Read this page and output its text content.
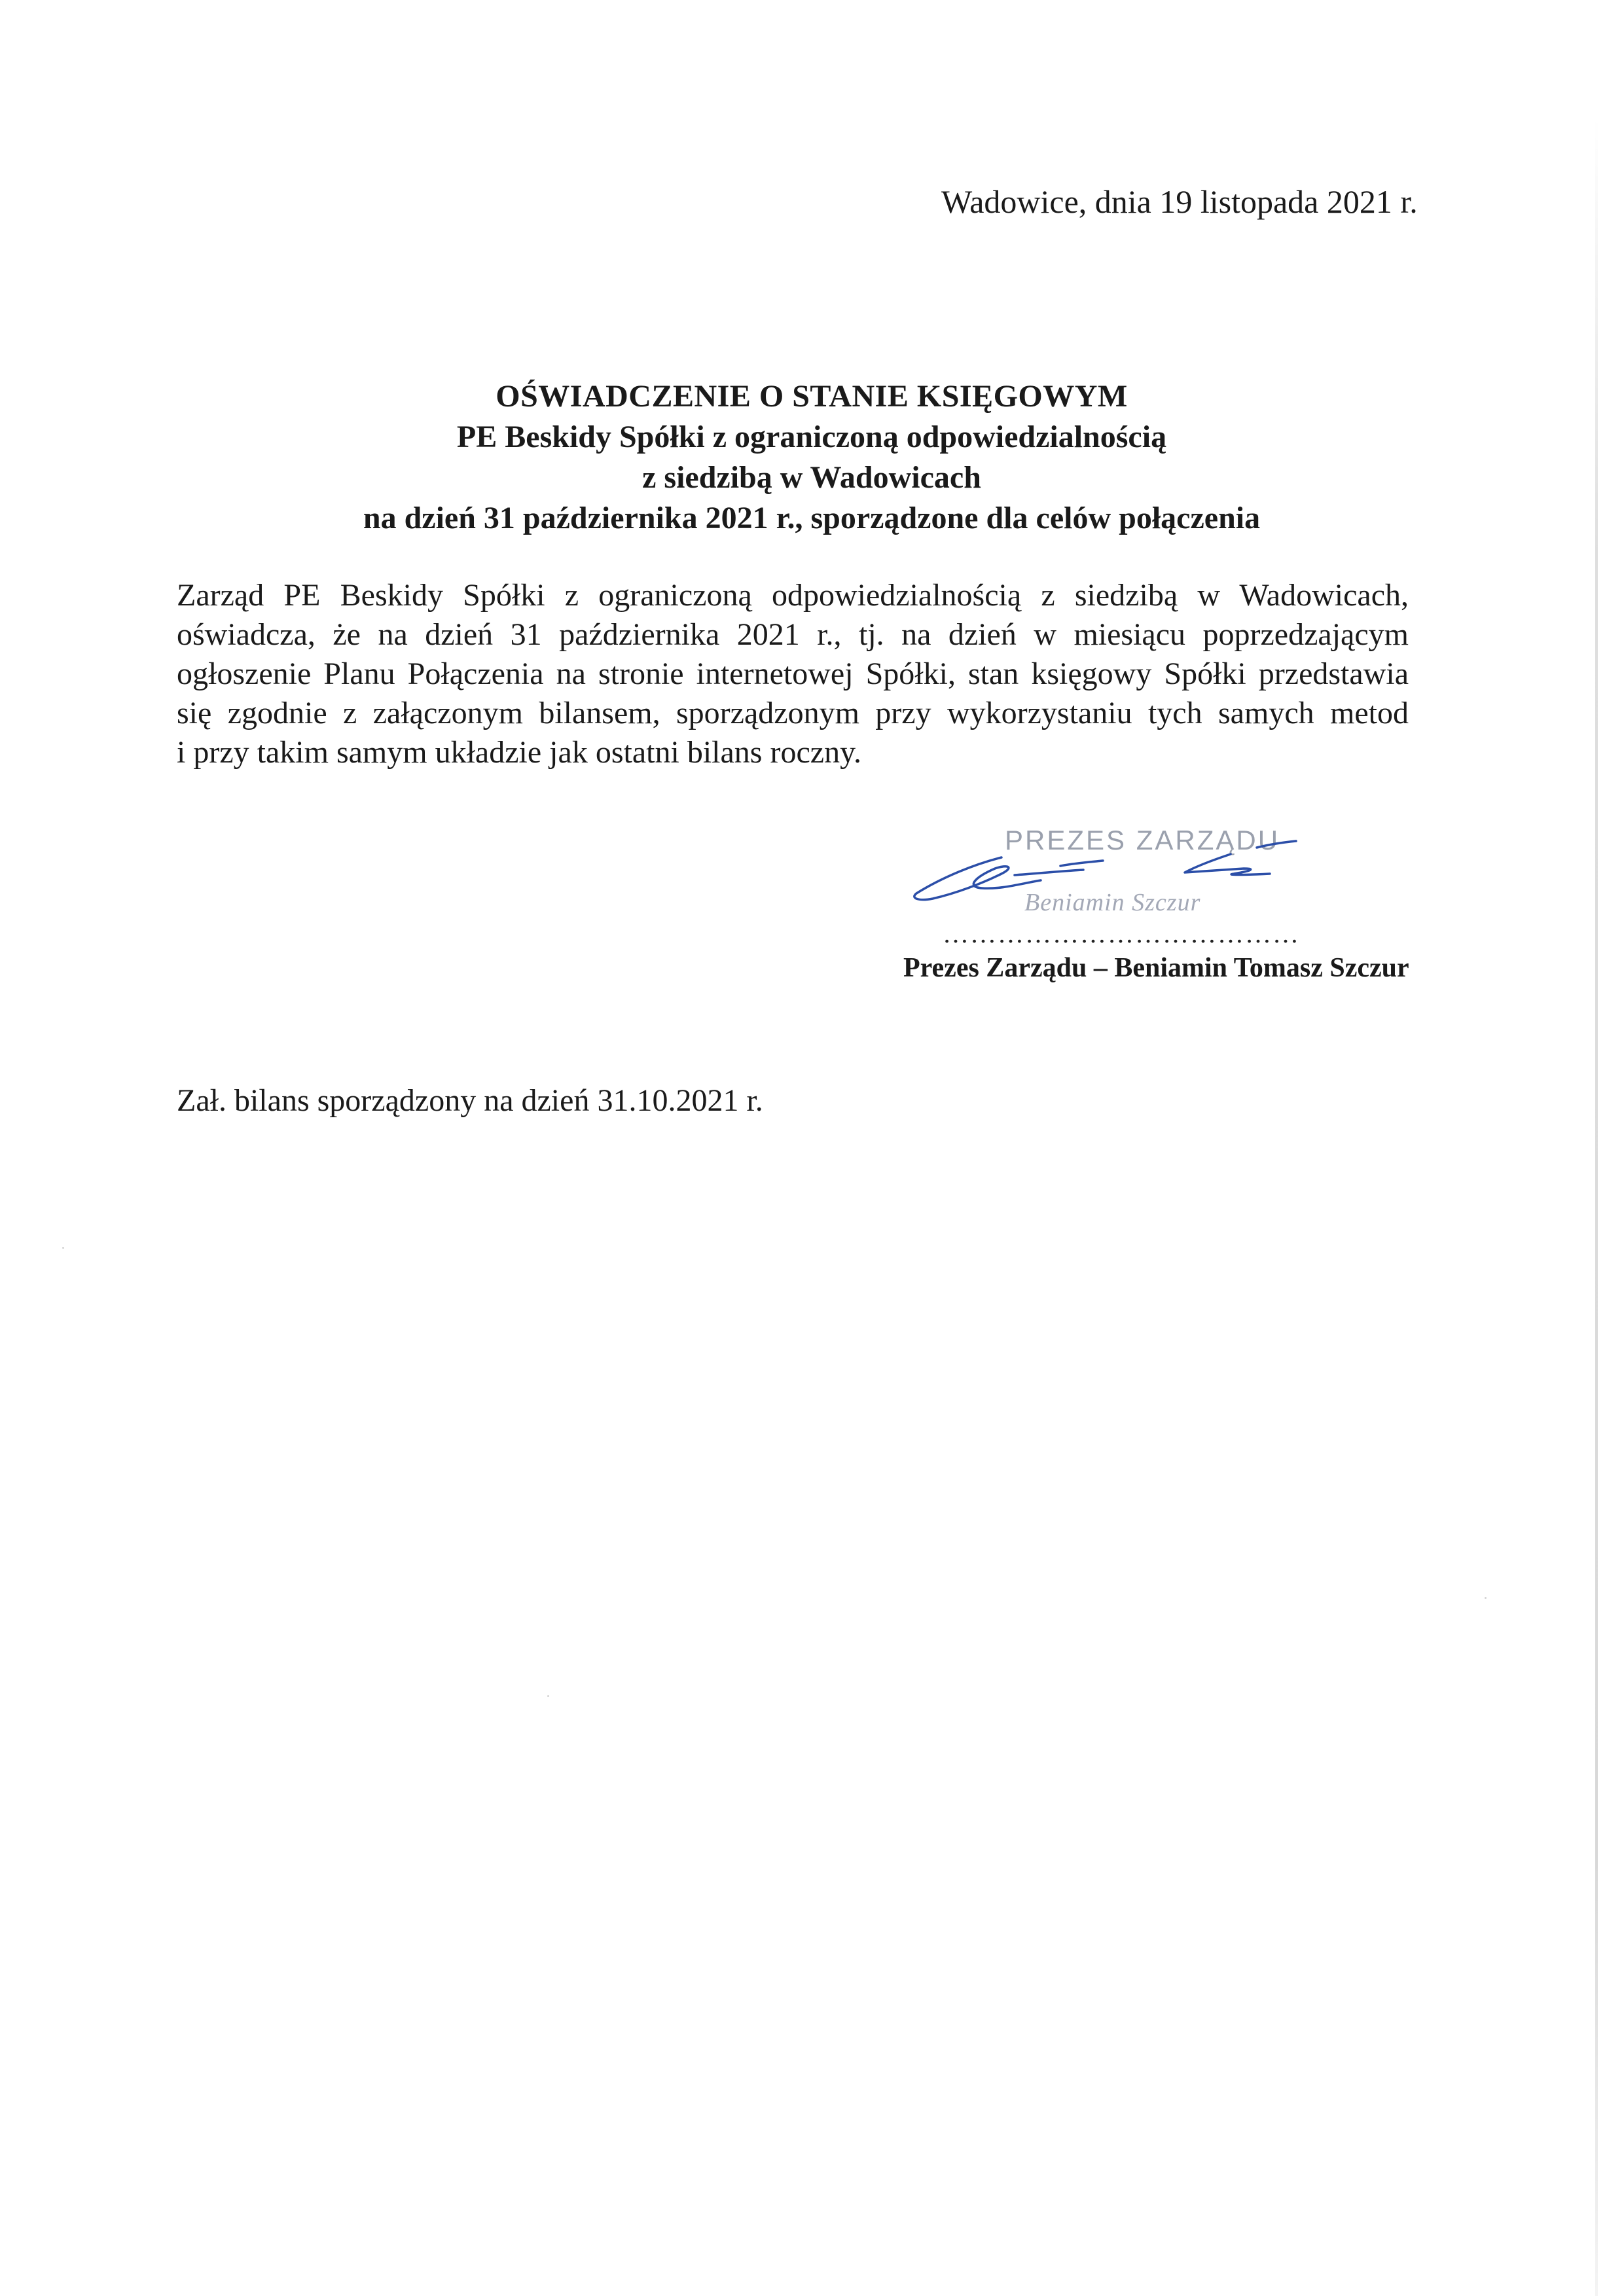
Wadowice, dnia 19 listopada 2021 r.
OŚWIADCZENIE O STANIE KSIĘGOWYM
PE Beskidy Spółki z ograniczoną odpowiedzialnością
z siedzibą w Wadowicach
na dzień 31 października 2021 r., sporządzone dla celów połączenia
Zarząd PE Beskidy Spółki z ograniczoną odpowiedzialnością z siedzibą w Wadowicach,
oświadcza, że na dzień 31 października 2021 r., tj. na dzień w miesiącu poprzedzającym
ogłoszenie Planu Połączenia na stronie internetowej Spółki, stan księgowy Spółki przedstawia
się zgodnie z załączonym bilansem, sporządzonym przy wykorzystaniu tych samych metod
i przy takim samym układzie jak ostatni bilans roczny.
PREZES ZARZĄDU
Beniamin Szczur
…………………………………
Prezes Zarządu – Beniamin Tomasz Szczur
Zał. bilans sporządzony na dzień 31.10.2021 r.
